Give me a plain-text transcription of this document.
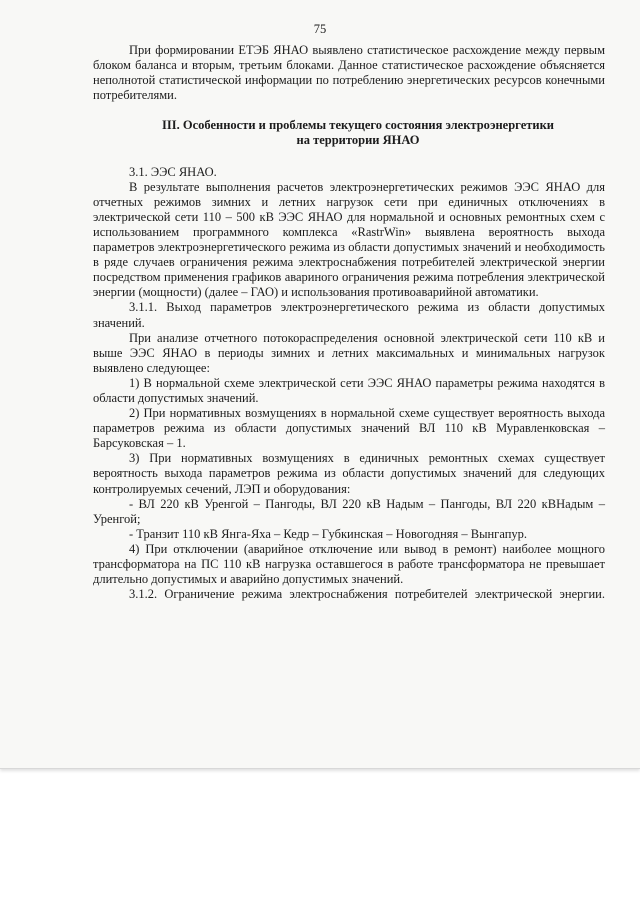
75

При формировании ЕТЭБ ЯНАО выявлено статистическое расхождение между первым блоком баланса и вторым, третьим блоками. Данное статистическое расхождение объясняется неполнотой статистической информации по потреблению энергетических ресурсов конечными потребителями.

III. Особенности и проблемы текущего состояния электроэнергетики
на территории ЯНАО

3.1. ЭЭС ЯНАО.

В результате выполнения расчетов электроэнергетических режимов ЭЭС ЯНАО для отчетных режимов зимних и летних нагрузок сети при единичных отключениях в электрической сети 110 – 500 кВ ЭЭС ЯНАО для нормальной и основных ремонтных схем с использованием программного комплекса «RastrWin» выявлена вероятность выхода параметров электроэнергетического режима из области допустимых значений и необходимость в ряде случаев ограничения режима электроснабжения потребителей электрической энергии посредством применения графиков авариного ограничения режима потребления электрической энергии (мощности) (далее – ГАО) и использования противоаварийной автоматики.

3.1.1. Выход параметров электроэнергетического режима из области допустимых значений.

При анализе отчетного потокораспределения основной электрической сети 110 кВ и выше ЭЭС ЯНАО в периоды зимних и летних максимальных и минимальных нагрузок выявлено следующее:

1) В нормальной схеме электрической сети ЭЭС ЯНАО параметры режима находятся в области допустимых значений.

2) При нормативных возмущениях в нормальной схеме существует вероятность выхода параметров режима из области допустимых значений ВЛ 110 кВ Муравленковская – Барсуковская – 1.

3) При нормативных возмущениях в единичных ремонтных схемах существует вероятность выхода параметров режима из области допустимых значений для следующих контролируемых сечений, ЛЭП и оборудования:

- ВЛ 220 кВ Уренгой – Пангоды, ВЛ 220 кВ Надым – Пангоды, ВЛ 220 кВНадым – Уренгой;

- Транзит 110 кВ Янга-Яха – Кедр – Губкинская – Новогодняя – Вынгапур.

4) При отключении (аварийное отключение или вывод в ремонт) наиболее мощного трансформатора на ПС 110 кВ нагрузка оставшегося в работе трансформатора не превышает длительно допустимых и аварийно допустимых значений.

3.1.2. Ограничение режима электроснабжения потребителей электрической энергии.
